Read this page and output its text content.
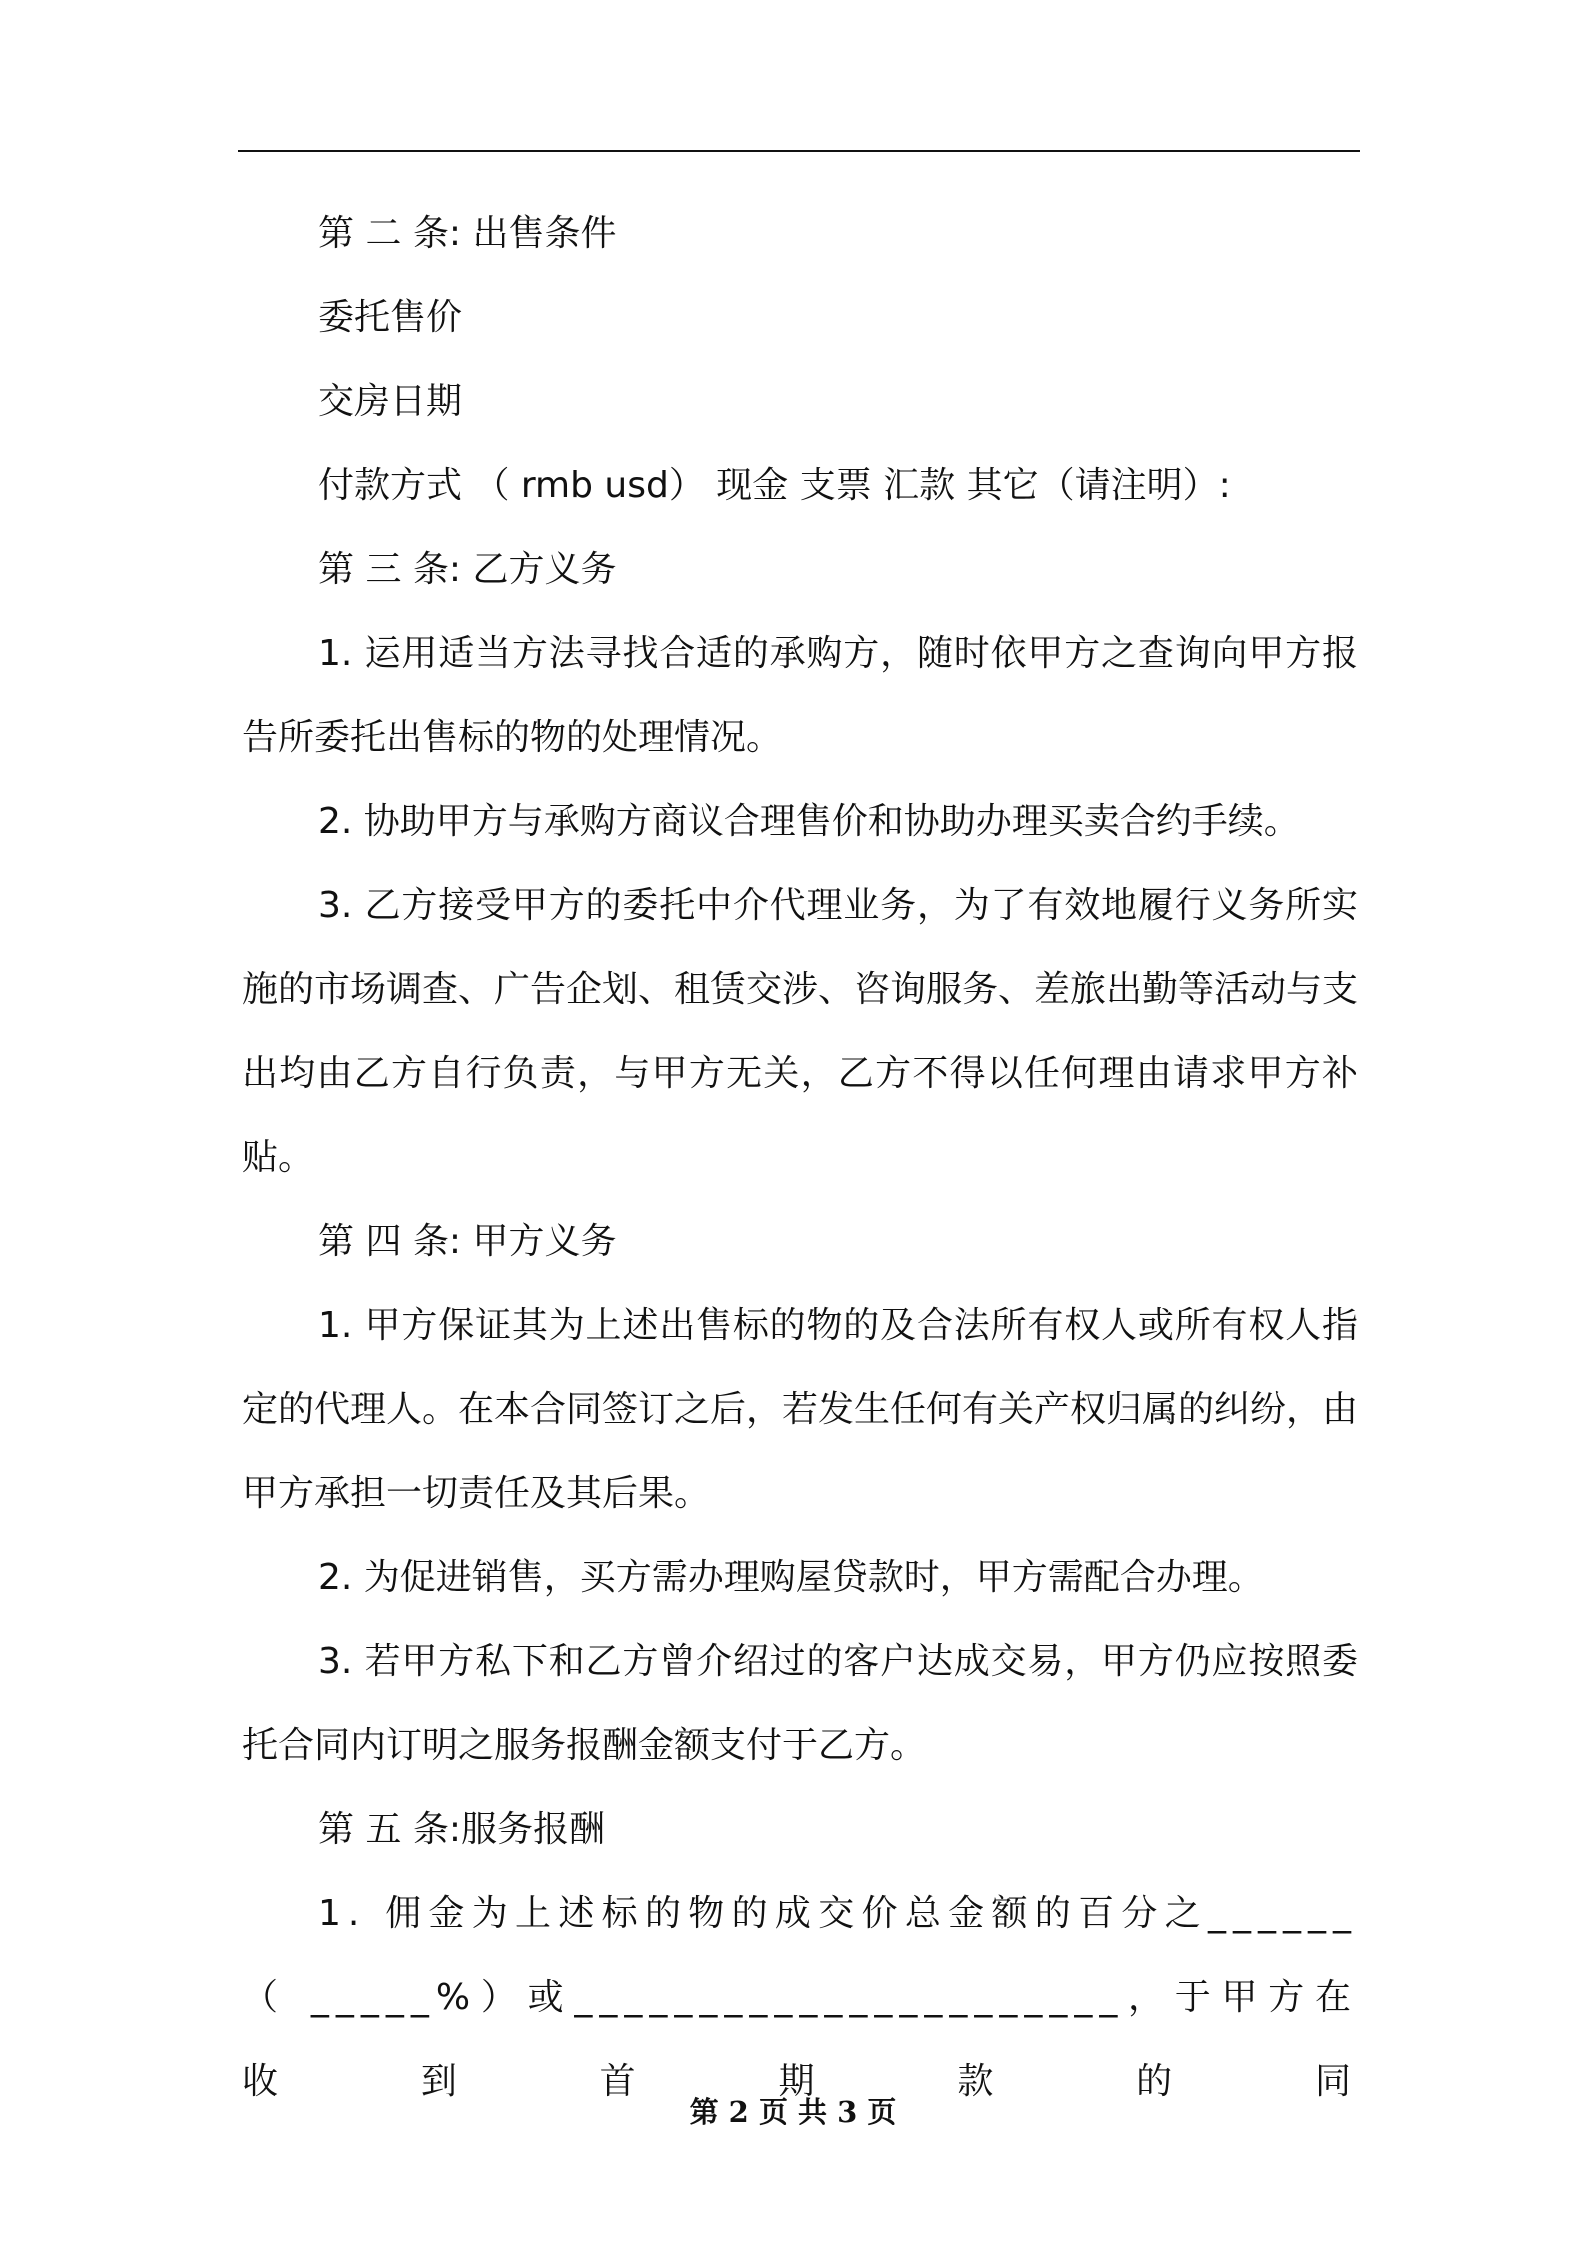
第 二 条: 出售条件

委托售价

交房日期

付款方式 （ rmb usd） 现金 支票 汇款 其它（请注明）:

第 三 条: 乙方义务

1. 运用适当方法寻找合适的承购方，随时依甲方之查询向甲方报告所委托出售标的物的处理情况。

2. 协助甲方与承购方商议合理售价和协助办理买卖合约手续。

3. 乙方接受甲方的委托中介代理业务，为了有效地履行义务所实施的市场调查、广告企划、租赁交涉、咨询服务、差旅出勤等活动与支出均由乙方自行负责，与甲方无关，乙方不得以任何理由请求甲方补贴。

第 四 条: 甲方义务

1. 甲方保证其为上述出售标的物的及合法所有权人或所有权人指定的代理人。在本合同签订之后，若发生任何有关产权归属的纠纷，由甲方承担一切责任及其后果。

2. 为促进销售，买方需办理购屋贷款时，甲方需配合办理。

3. 若甲方私下和乙方曾介绍过的客户达成交易，甲方仍应按照委托合同内订明之服务报酬金额支付于乙方。

第 五 条:服务报酬

1. 佣金为上述标的物的成交价总金额的百分之______（ _____%）或______________________，于甲方在收到首期款的同

第 2 页 共 3 页
